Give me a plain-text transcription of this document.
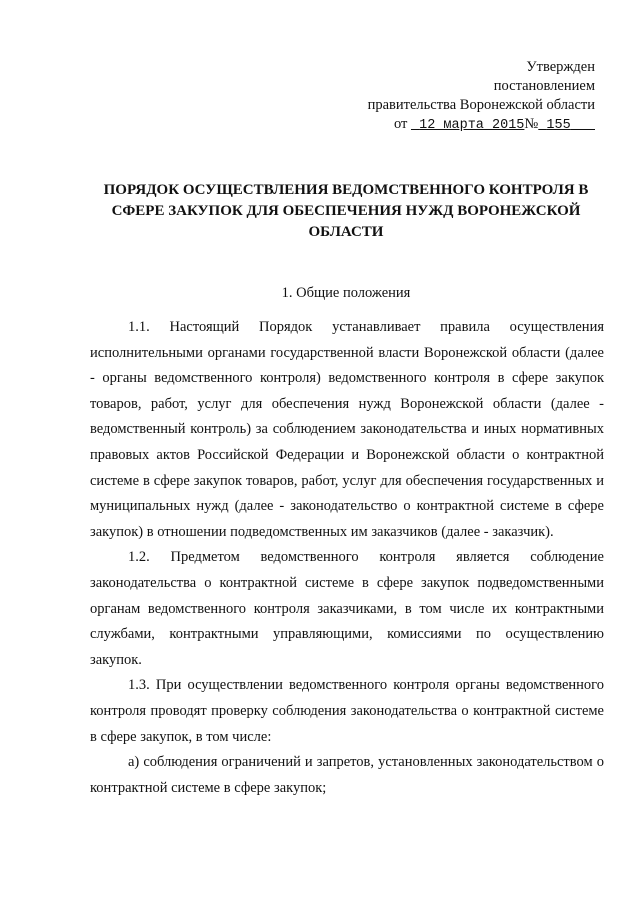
Утвержден
постановлением
правительства Воронежской области
от 12 марта 2015№ 155
ПОРЯДОК ОСУЩЕСТВЛЕНИЯ ВЕДОМСТВЕННОГО КОНТРОЛЯ В СФЕРЕ ЗАКУПОК ДЛЯ ОБЕСПЕЧЕНИЯ НУЖД ВОРОНЕЖСКОЙ ОБЛАСТИ
1. Общие положения

1.1. Настоящий Порядок устанавливает правила осуществления исполнительными органами государственной власти Воронежской области (далее - органы ведомственного контроля) ведомственного контроля в сфере закупок товаров, работ, услуг для обеспечения нужд Воронежской области (далее - ведомственный контроль) за соблюдением законодательства и иных нормативных правовых актов Российской Федерации и Воронежской области о контрактной системе в сфере закупок товаров, работ, услуг для обеспечения государственных и муниципальных нужд (далее - законодательство о контрактной системе в сфере закупок) в отношении подведомственных им заказчиков (далее - заказчик).

1.2. Предметом ведомственного контроля является соблюдение законодательства о контрактной системе в сфере закупок подведомственными органам ведомственного контроля заказчиками, в том числе их контрактными службами, контрактными управляющими, комиссиями по осуществлению закупок.

1.3. При осуществлении ведомственного контроля органы ведомственного контроля проводят проверку соблюдения законодательства о контрактной системе в сфере закупок, в том числе:

а) соблюдения ограничений и запретов, установленных законодательством о контрактной системе в сфере закупок;
